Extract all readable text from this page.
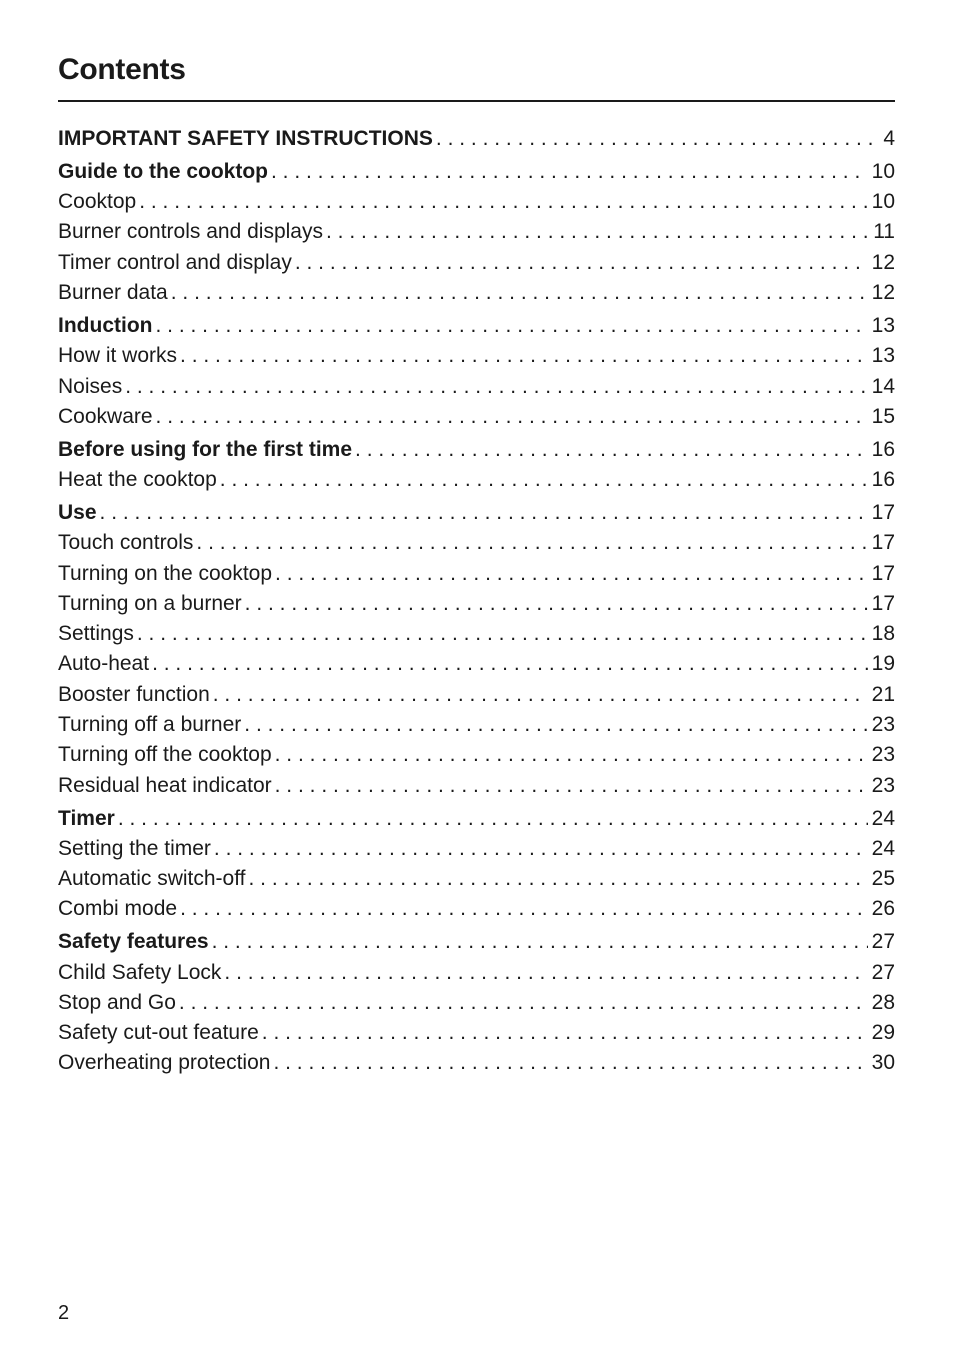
Contents
IMPORTANT SAFETY INSTRUCTIONS . . .	4
Guide to the cooktop . . .	10
Cooktop . . .	10
Burner controls and displays . . .	11
Timer control and display . . .	12
Burner data . . .	12
Induction . . .	13
How it works . . .	13
Noises . . .	14
Cookware . . .	15
Before using for the first time . . .	16
Heat the cooktop . . .	16
Use . . .	17
Touch controls . . .	17
Turning on the cooktop . . .	17
Turning on a burner . . .	17
Settings . . .	18
Auto-heat . . .	19
Booster function . . .	21
Turning off a burner . . .	23
Turning off the cooktop . . .	23
Residual heat indicator . . .	23
Timer . . .	24
Setting the timer . . .	24
Automatic switch-off . . .	25
Combi mode . . .	26
Safety features . . .	27
Child Safety Lock . . .	27
Stop and Go . . .	28
Safety cut-out feature . . .	29
Overheating protection . . .	30
2
